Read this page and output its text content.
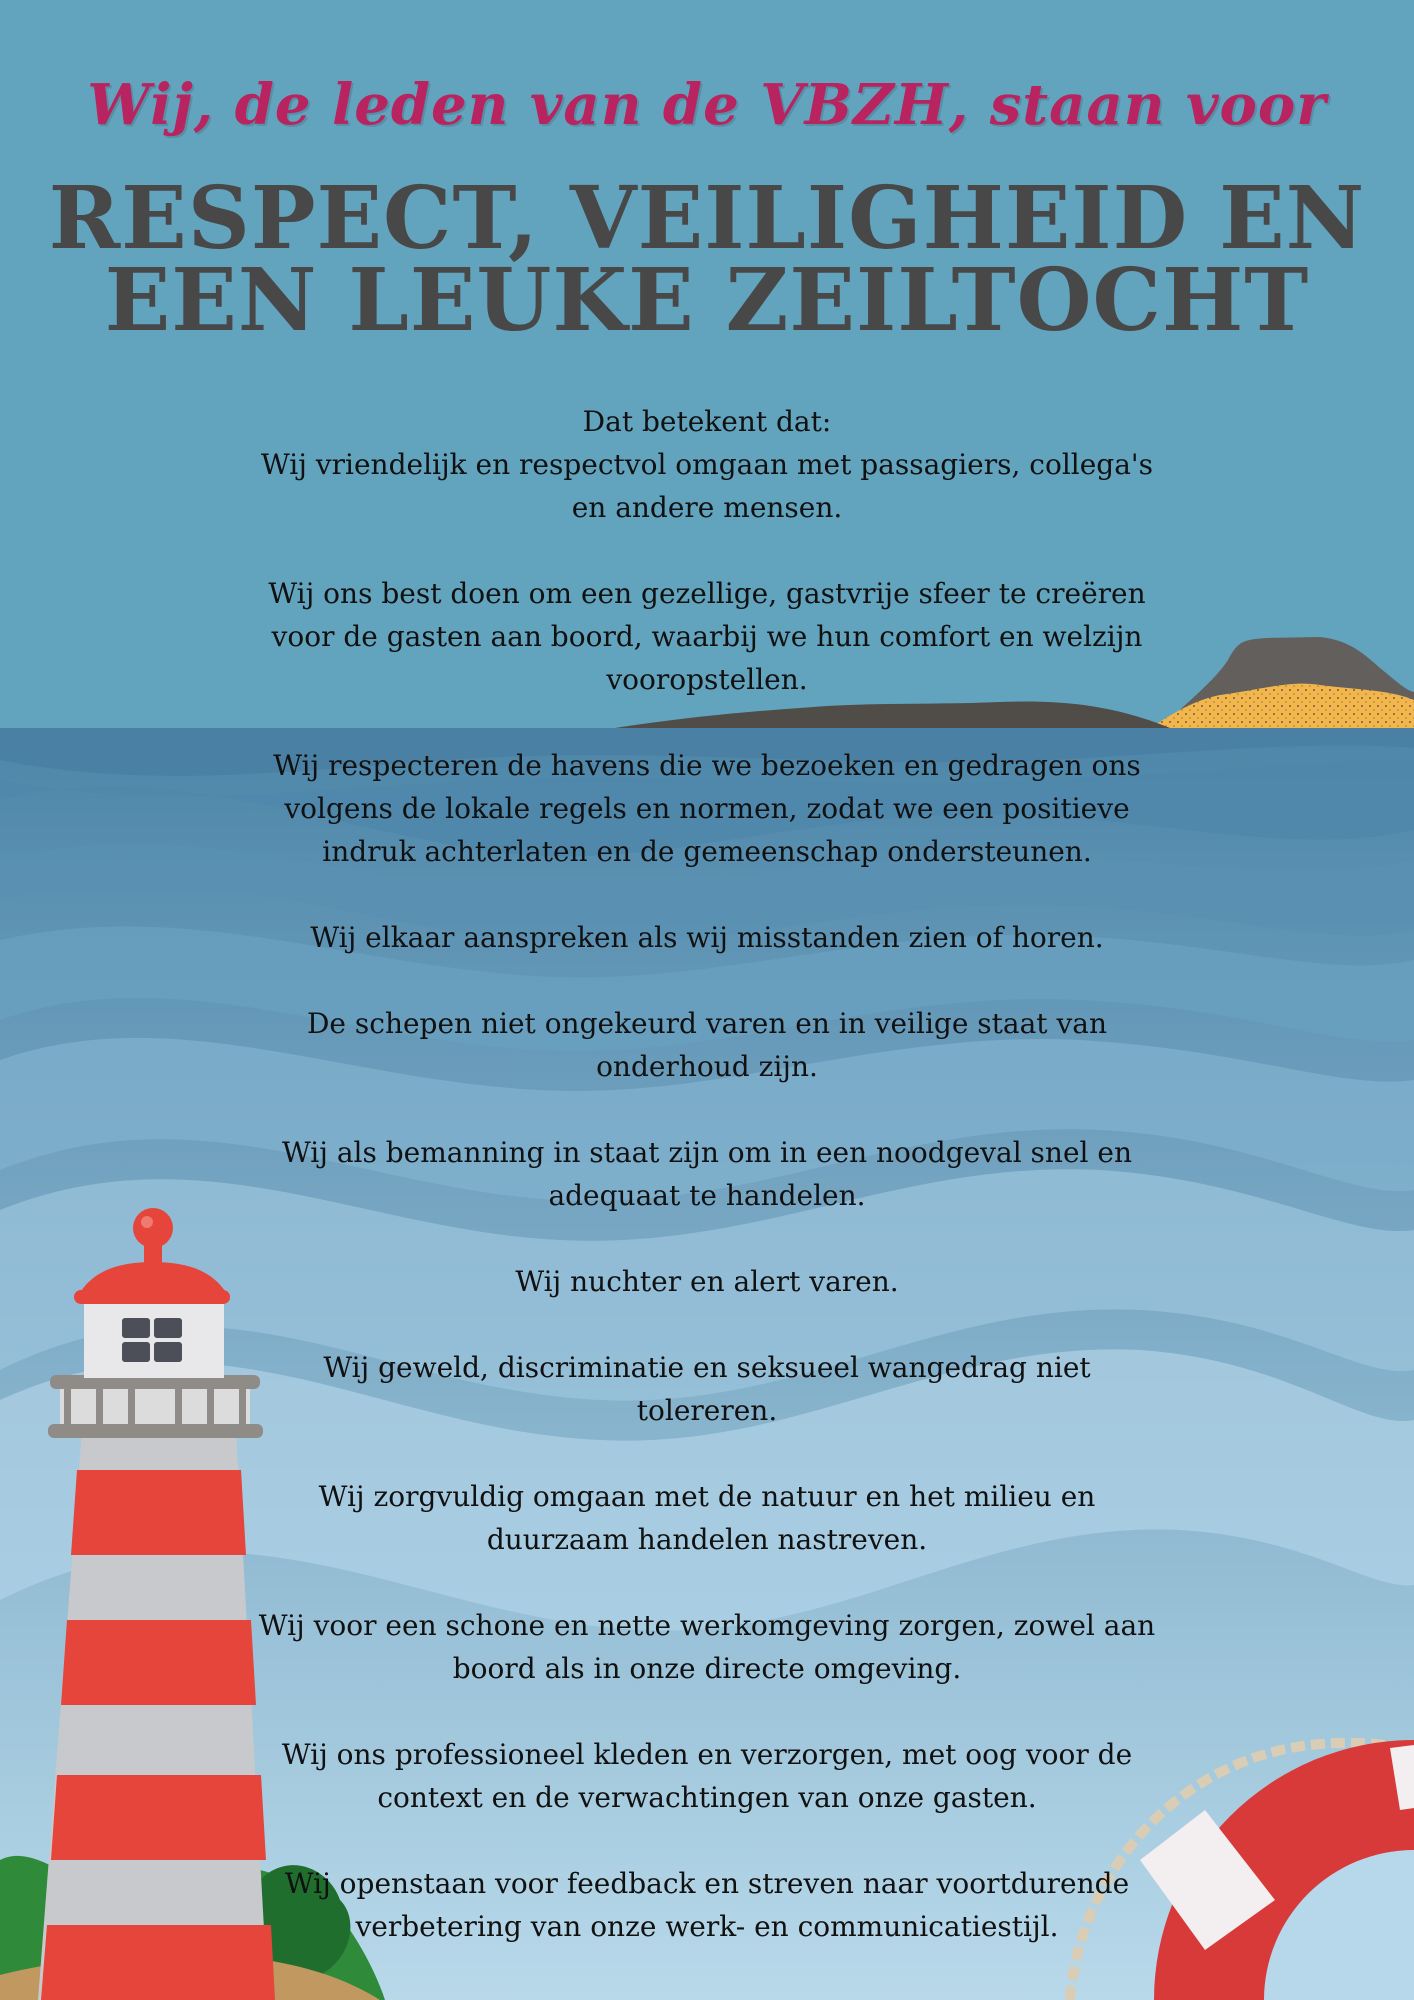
Wij, de leden van de VBZH, staan voor
RESPECT, VEILIGHEID EN
EEN LEUKE ZEILTOCHT

Dat betekent dat:
Wij vriendelijk en respectvol omgaan met passagiers, collega's en andere mensen.

Wij ons best doen om een gezellige, gastvrije sfeer te creëren voor de gasten aan boord, waarbij we hun comfort en welzijn vooropstellen.

Wij respecteren de havens die we bezoeken en gedragen ons volgens de lokale regels en normen, zodat we een positieve indruk achterlaten en de gemeenschap ondersteunen.

Wij elkaar aanspreken als wij misstanden zien of horen.

De schepen niet ongekeurd varen en in veilige staat van onderhoud zijn.

Wij als bemanning in staat zijn om in een noodgeval snel en adequaat te handelen.

Wij nuchter en alert varen.

Wij geweld, discriminatie en seksueel wangedrag niet tolereren.

Wij zorgvuldig omgaan met de natuur en het milieu en duurzaam handelen nastreven.

Wij voor een schone en nette werkomgeving zorgen, zowel aan boord als in onze directe omgeving.

Wij ons professioneel kleden en verzorgen, met oog voor de context en de verwachtingen van onze gasten.

Wij openstaan voor feedback en streven naar voortdurende verbetering van onze werk- en communicatiestijl.
